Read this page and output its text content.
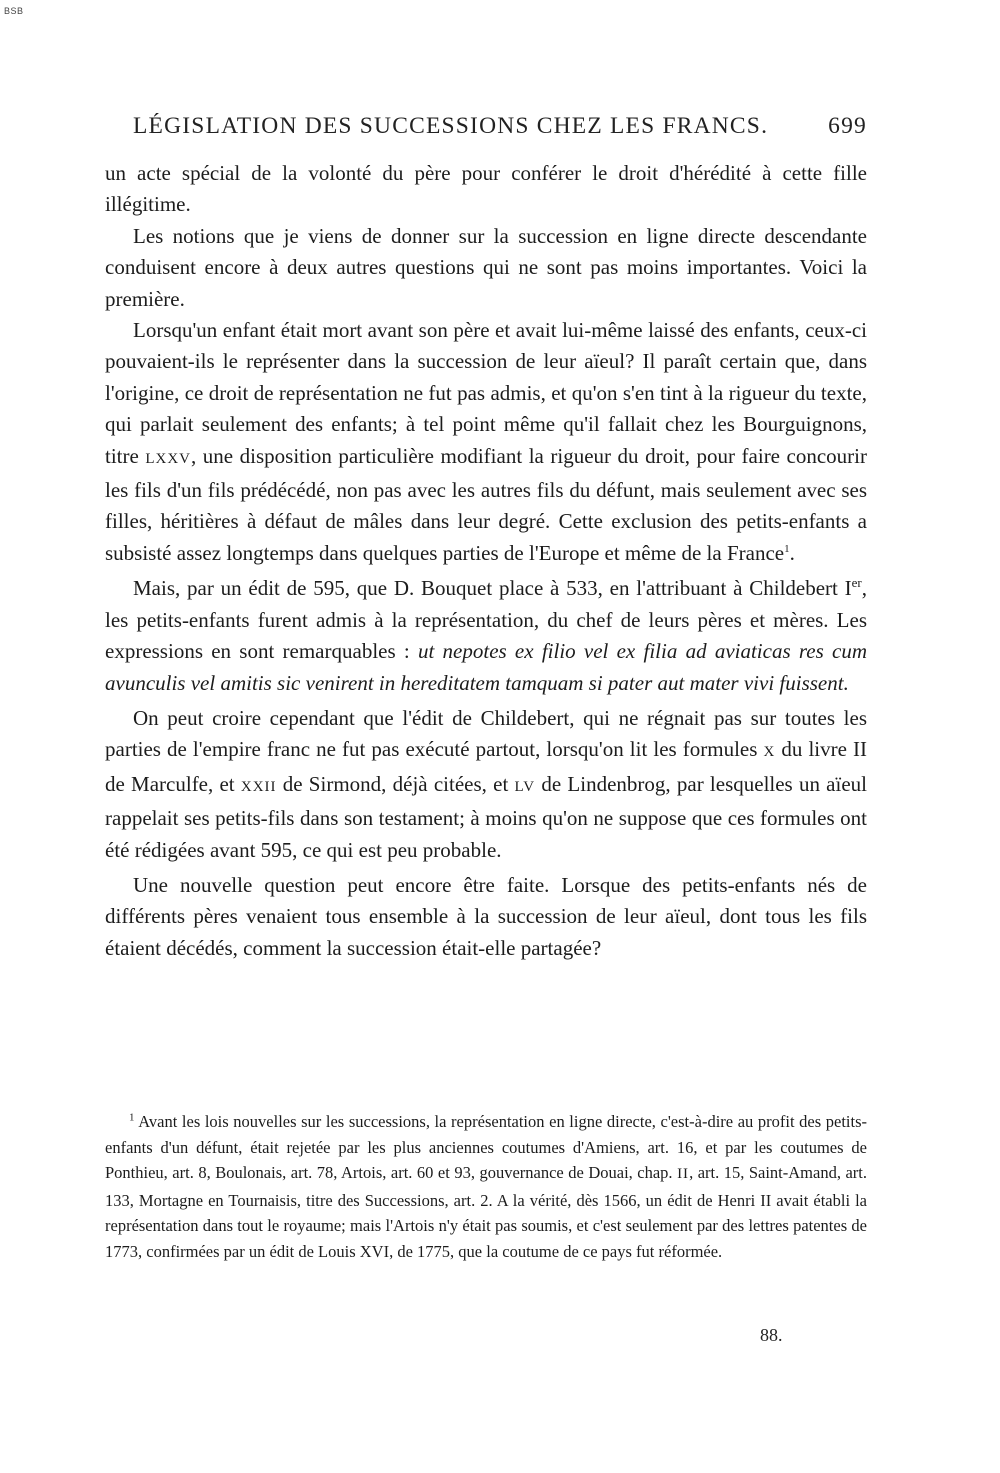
BSB
LÉGISLATION DES SUCCESSIONS CHEZ LES FRANCS.	699

un acte spécial de la volonté du père pour conférer le droit d'hérédité à cette fille illégitime.

Les notions que je viens de donner sur la succession en ligne directe descendante conduisent encore à deux autres questions qui ne sont pas moins importantes. Voici la première.

Lorsqu'un enfant était mort avant son père et avait lui-même laissé des enfants, ceux-ci pouvaient-ils le représenter dans la succession de leur aïeul? Il paraît certain que, dans l'origine, ce droit de représentation ne fut pas admis, et qu'on s'en tint à la rigueur du texte, qui parlait seulement des enfants; à tel point même qu'il fallait chez les Bourguignons, titre LXXV, une disposition particulière modifiant la rigueur du droit, pour faire concourir les fils d'un fils prédécédé, non pas avec les autres fils du défunt, mais seulement avec ses filles, héritières à défaut de mâles dans leur degré. Cette exclusion des petits-enfants a subsisté assez longtemps dans quelques parties de l'Europe et même de la France$^1$.

Mais, par un édit de 595, que D. Bouquet place à 533, en l'attribuant à Childebert Ier, les petits-enfants furent admis à la représentation, du chef de leurs pères et mères. Les expressions en sont remarquables : ut nepotes ex filio vel ex filia ad aviaticas res cum avunculis vel amitis sic venirent in hereditatem tamquam si pater aut mater vivi fuissent.

On peut croire cependant que l'édit de Childebert, qui ne régnait pas sur toutes les parties de l'empire franc ne fut pas exécuté partout, lorsqu'on lit les formules X du livre II de Marculfe, et XXII de Sirmond, déjà citées, et LV de Lindenbrog, par lesquelles un aïeul rappelait ses petits-fils dans son testament; à moins qu'on ne suppose que ces formules ont été rédigées avant 595, ce qui est peu probable.

Une nouvelle question peut encore être faite. Lorsque des petits-enfants nés de différents pères venaient tous ensemble à la succession de leur aïeul, dont tous les fils étaient décédés, comment la succession était-elle partagée?

$^1$ Avant les lois nouvelles sur les successions, la représentation en ligne directe, c'est-à-dire au profit des petits-enfants d'un défunt, était rejetée par les plus anciennes coutumes d'Amiens, art. 16, et par les coutumes de Ponthieu, art. 8, Boulonais, art. 78, Artois, art. 60 et 93, gouvernance de Douai, chap. II, art. 15, Saint-Amand, art. 133, Mortagne en Tournaisis, titre des Successions, art. 2. A la vérité, dès 1566, un édit de Henri II avait établi la représentation dans tout le royaume; mais l'Artois n'y était pas soumis, et c'est seulement par des lettres patentes de 1773, confirmées par un édit de Louis XVI, de 1775, que la coutume de ce pays fut réformée.

88.
